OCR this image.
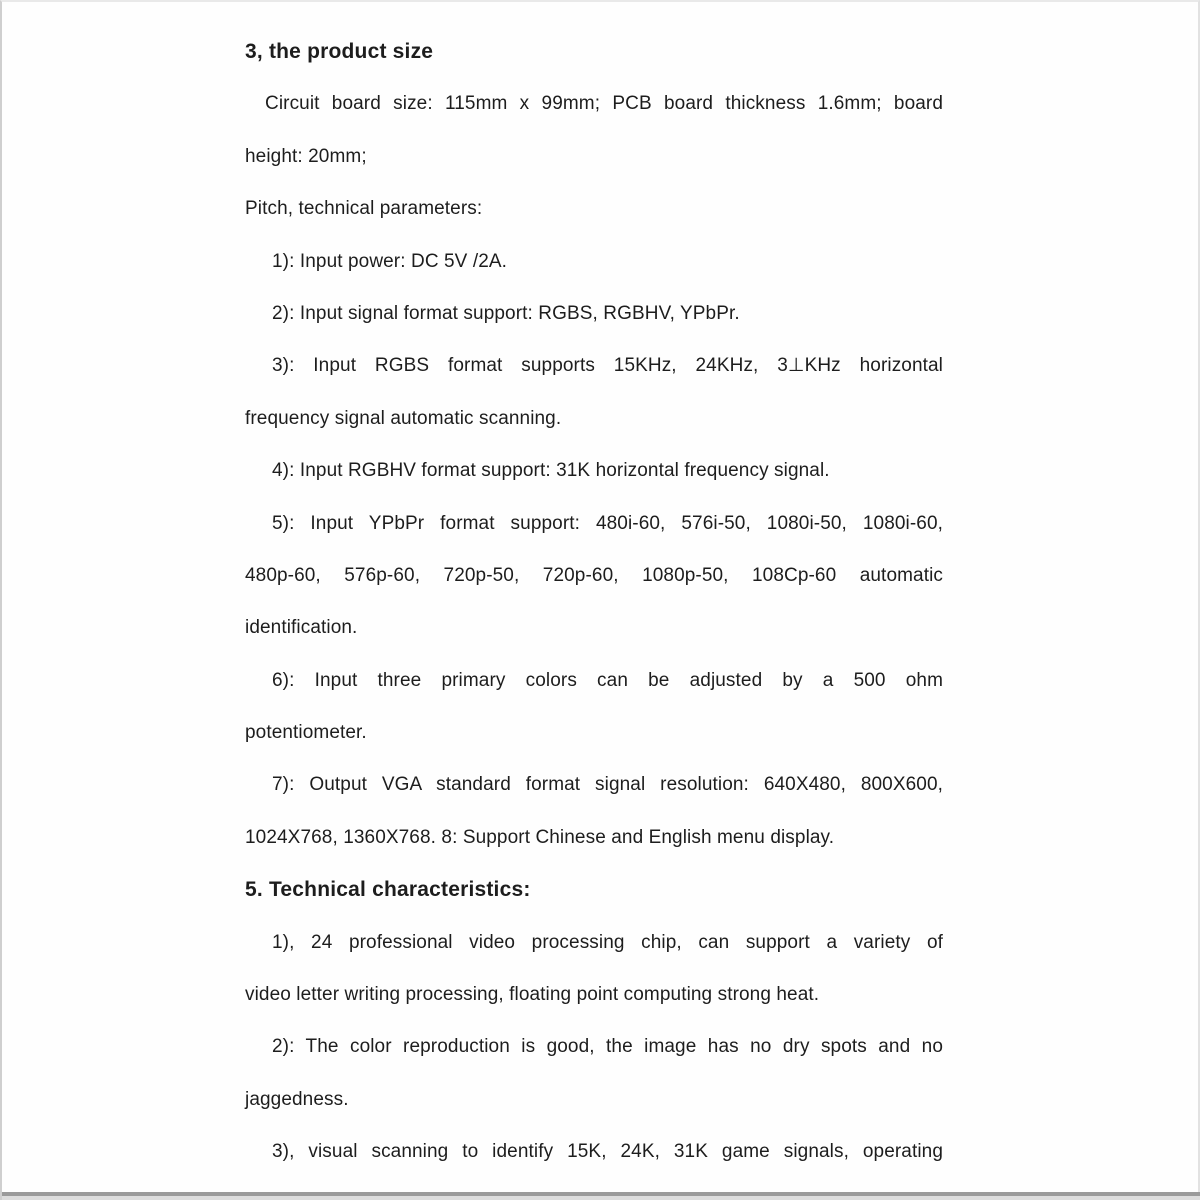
3, the product size
Circuit board size: 115mm x 99mm; PCB board thickness 1.6mm; board
height: 20mm;
Pitch, technical parameters:
1): Input power: DC 5V /2A.
2): Input signal format support: RGBS, RGBHV, YPbPr.
3): Input RGBS format supports 15KHz, 24KHz, 3⊥KHz horizontal
frequency signal automatic scanning.
4): Input RGBHV format support: 31K horizontal frequency signal.
5): Input YPbPr format support: 480i-60, 576i-50, 1080i-50, 1080i-60,
480p-60, 576p-60, 720p-50, 720p-60, 1080p-50, 108Cp-60 automatic
identification.
6): Input three primary colors can be adjusted by a 500 ohm
potentiometer.
7): Output VGA standard format signal resolution: 640X480, 800X600,
1024X768, 1360X768. 8: Support Chinese and English menu display.
5. Technical characteristics:
1), 24 professional video processing chip, can support a variety of
video letter writing processing, floating point computing strong heat.
2): The color reproduction is good, the image has no dry spots and no
jaggedness.
3), visual scanning to identify 15K, 24K, 31K game signals, operating
